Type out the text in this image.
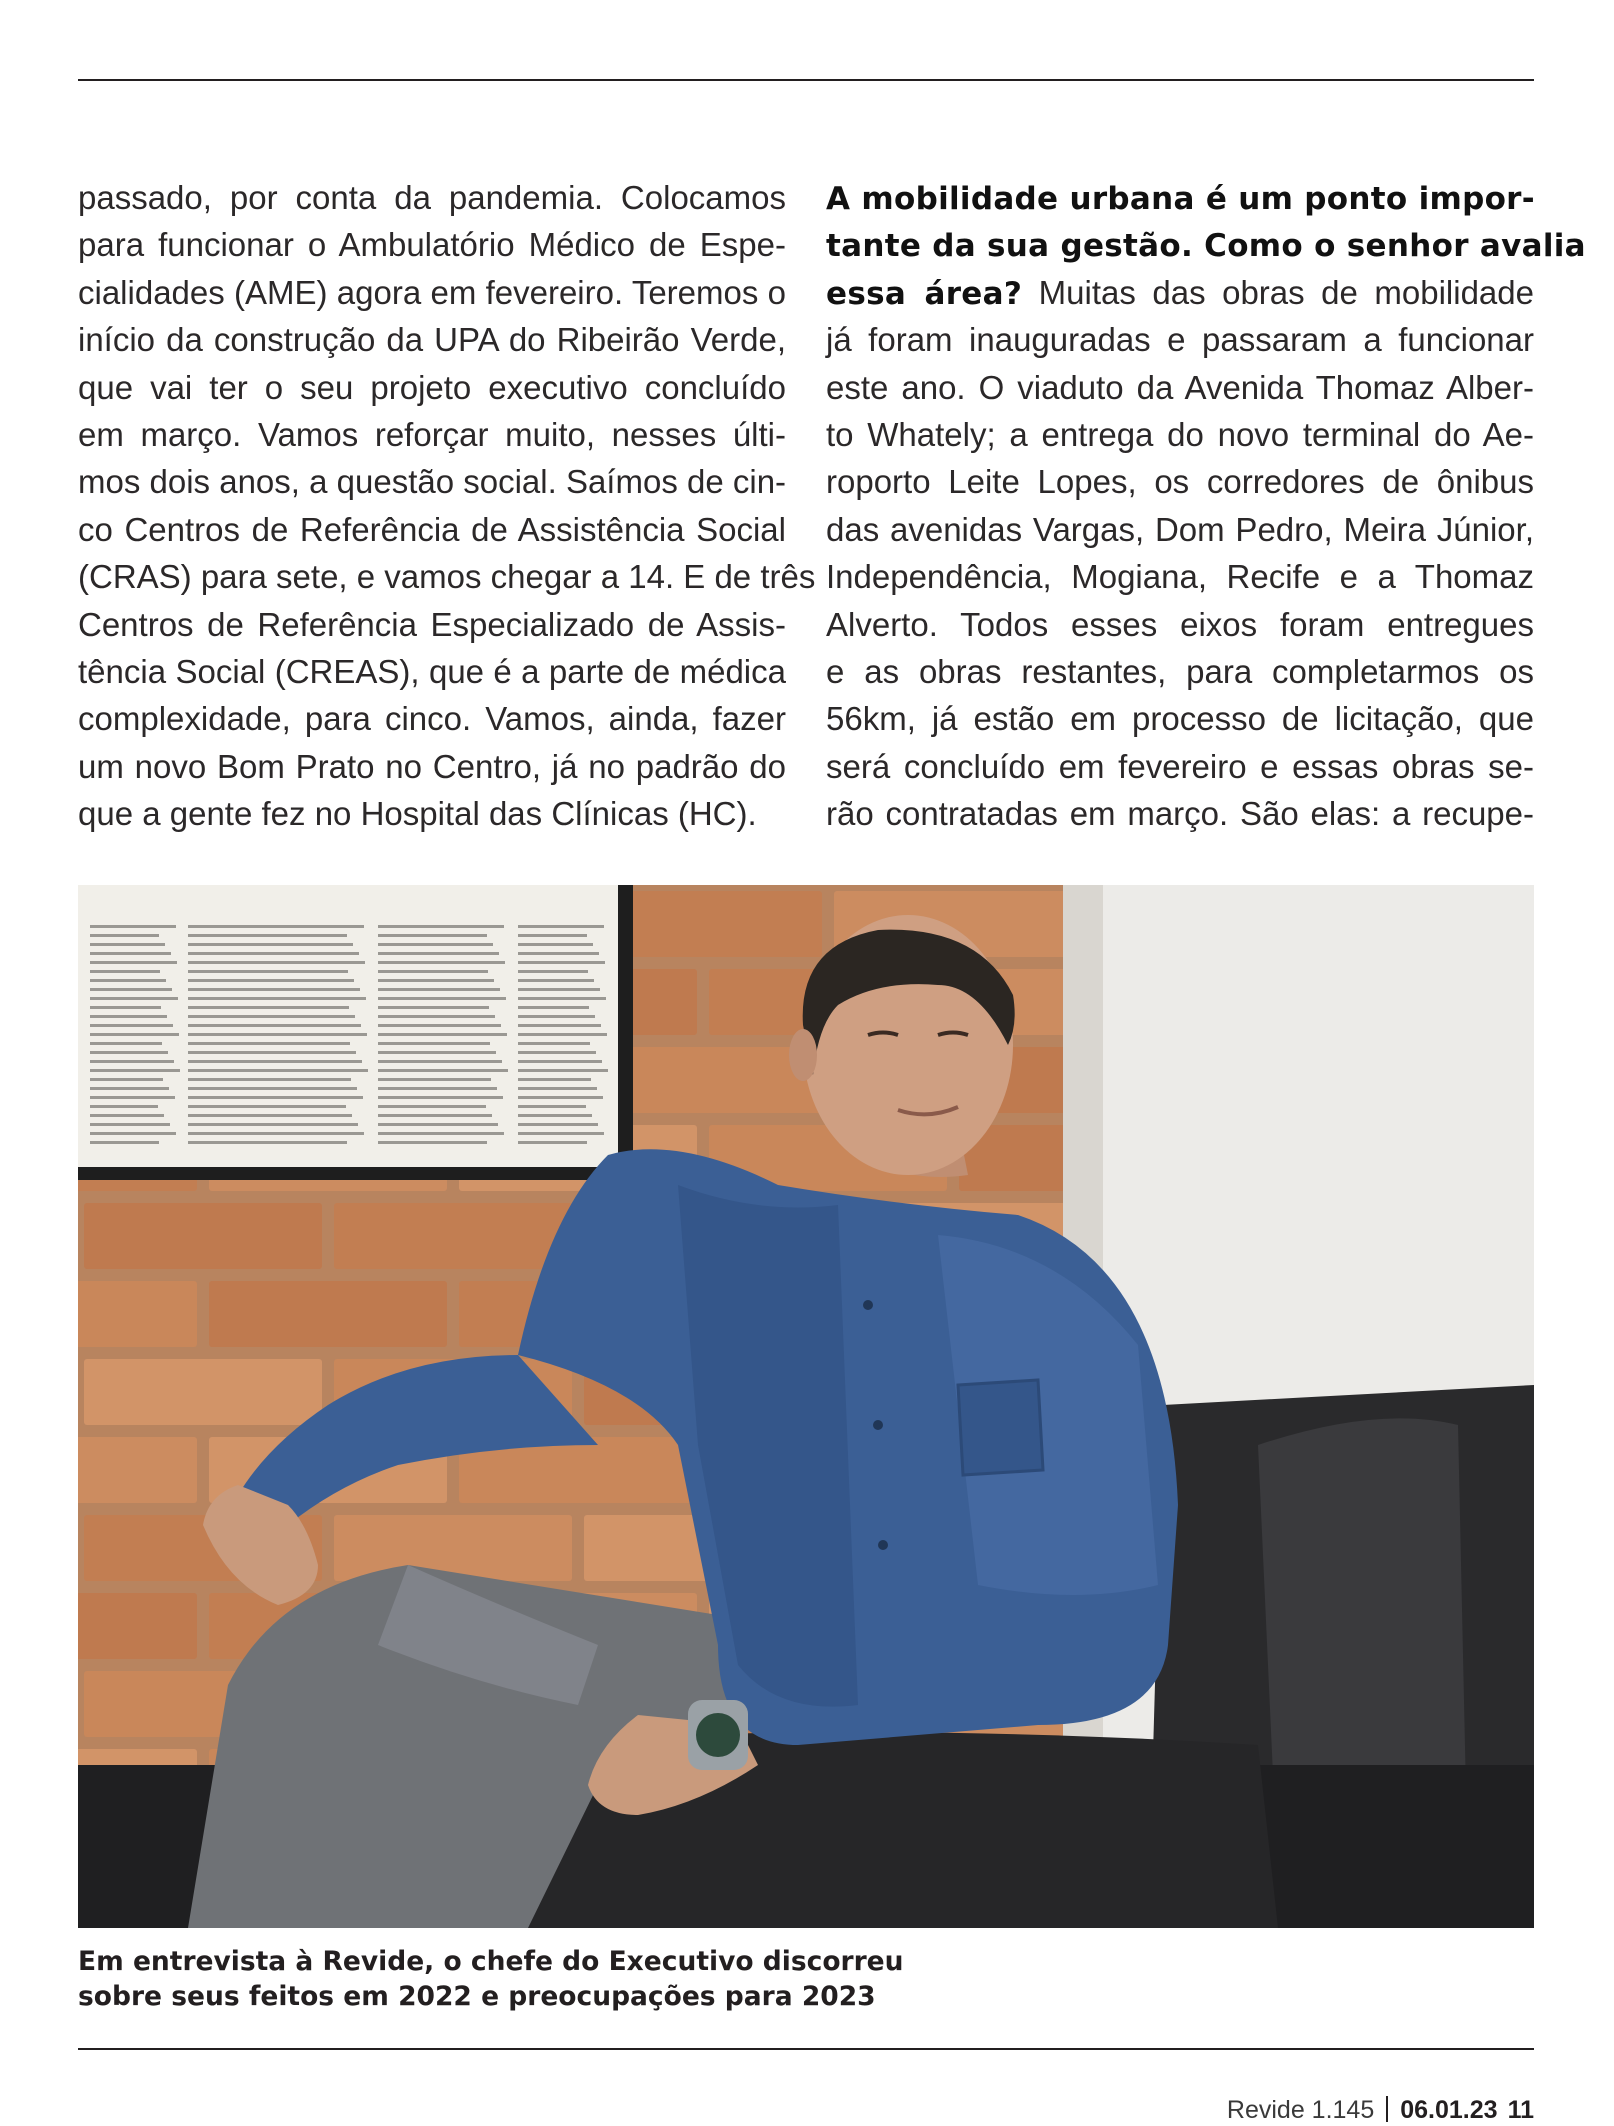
passado, por conta da pandemia. Colocamos
para funcionar o Ambulatório Médico de Espe-
cialidades (AME) agora em fevereiro. Teremos o
início da construção da UPA do Ribeirão Verde,
que vai ter o seu projeto executivo concluído
em março. Vamos reforçar muito, nesses últi-
mos dois anos, a questão social. Saímos de cin-
co Centros de Referência de Assistência Social
(CRAS) para sete, e vamos chegar a 14. E de três
Centros de Referência Especializado de Assis-
tência Social (CREAS), que é a parte de médica
complexidade, para cinco. Vamos, ainda, fazer
um novo Bom Prato no Centro, já no padrão do
que a gente fez no Hospital das Clínicas (HC).
A mobilidade urbana é um ponto impor-
tante da sua gestão. Como o senhor avalia
essa área? Muitas das obras de mobilidade
já foram inauguradas e passaram a funcionar
este ano. O viaduto da Avenida Thomaz Alber-
to Whately; a entrega do novo terminal do Ae-
roporto Leite Lopes, os corredores de ônibus
das avenidas Vargas, Dom Pedro, Meira Júnior,
Independência, Mogiana, Recife e a Thomaz
Alverto. Todos esses eixos foram entregues
e as obras restantes, para completarmos os
56km, já estão em processo de licitação, que
será concluído em fevereiro e essas obras se-
rão contratadas em março. São elas: a recupe-
Em entrevista à Revide, o chefe do Executivo discorreu
sobre seus feitos em 2022 e preocupações para 2023
Revide 1.145 06.01.23 11
